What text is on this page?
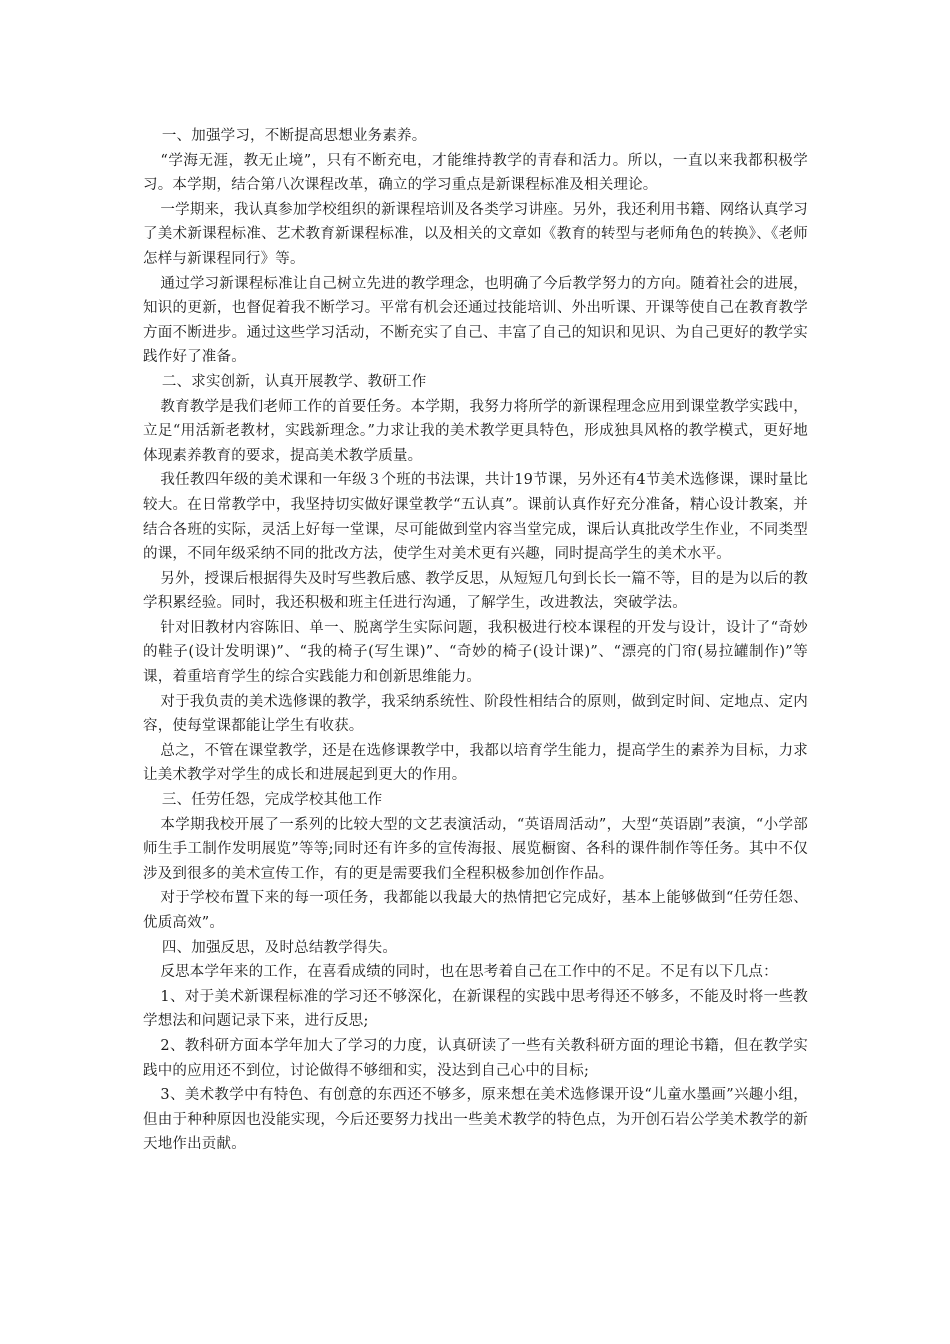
一、加强学习，不断提高思想业务素养。

“学海无涯，教无止境”，只有不断充电，才能维持教学的青春和活力。所以，一直以来我都积极学习。本学期，结合第八次课程改革，确立的学习重点是新课程标准及相关理论。

一学期来，我认真参加学校组织的新课程培训及各类学习讲座。另外，我还利用书籍、网络认真学习了美术新课程标准、艺术教育新课程标准，以及相关的文章如《教育的转型与老师角色的转换》、《老师怎样与新课程同行》等。

通过学习新课程标准让自己树立先进的教学理念，也明确了今后教学努力的方向。随着社会的进展，知识的更新，也督促着我不断学习。平常有机会还通过技能培训、外出听课、开课等使自己在教育教学方面不断进步。通过这些学习活动，不断充实了自己、丰富了自己的知识和见识、为自己更好的教学实践作好了准备。

二、求实创新，认真开展教学、教研工作

教育教学是我们老师工作的首要任务。本学期，我努力将所学的新课程理念应用到课堂教学实践中，立足“用活新老教材，实践新理念。”力求让我的美术教学更具特色，形成独具风格的教学模式，更好地体现素养教育的要求，提高美术教学质量。

我任教四年级的美术课和一年级３个班的书法课，共计19节课，另外还有4节美术选修课，课时量比较大。在日常教学中，我坚持切实做好课堂教学“五认真”。课前认真作好充分准备，精心设计教案，并结合各班的实际，灵活上好每一堂课，尽可能做到堂内容当堂完成，课后认真批改学生作业，不同类型的课，不同年级采纳不同的批改方法，使学生对美术更有兴趣，同时提高学生的美术水平。

另外，授课后根据得失及时写些教后感、教学反思，从短短几句到长长一篇不等，目的是为以后的教学积累经验。同时，我还积极和班主任进行沟通，了解学生，改进教法，突破学法。

针对旧教材内容陈旧、单一、脱离学生实际问题，我积极进行校本课程的开发与设计，设计了“奇妙的鞋子(设计发明课)”、“我的椅子(写生课)”、“奇妙的椅子(设计课)”、“漂亮的门帘(易拉罐制作)”等课，着重培育学生的综合实践能力和创新思维能力。

对于我负责的美术选修课的教学，我采纳系统性、阶段性相结合的原则，做到定时间、定地点、定内容，使每堂课都能让学生有收获。

总之，不管在课堂教学，还是在选修课教学中，我都以培育学生能力，提高学生的素养为目标，力求让美术教学对学生的成长和进展起到更大的作用。

三、任劳任怨，完成学校其他工作

本学期我校开展了一系列的比较大型的文艺表演活动，“英语周活动”，大型“英语剧”表演，“小学部师生手工制作发明展览”等等;同时还有许多的宣传海报、展览橱窗、各科的课件制作等任务。其中不仅涉及到很多的美术宣传工作，有的更是需要我们全程积极参加创作作品。

对于学校布置下来的每一项任务，我都能以我最大的热情把它完成好，基本上能够做到“任劳任怨、优质高效”。

四、加强反思，及时总结教学得失。

反思本学年来的工作，在喜看成绩的同时，也在思考着自己在工作中的不足。不足有以下几点：

1、对于美术新课程标准的学习还不够深化，在新课程的实践中思考得还不够多，不能及时将一些教学想法和问题记录下来，进行反思;

2、教科研方面本学年加大了学习的力度，认真研读了一些有关教科研方面的理论书籍，但在教学实践中的应用还不到位，讨论做得不够细和实，没达到自己心中的目标;

3、美术教学中有特色、有创意的东西还不够多，原来想在美术选修课开设“儿童水墨画”兴趣小组，但由于种种原因也没能实现，今后还要努力找出一些美术教学的特色点，为开创石岩公学美术教学的新天地作出贡献。
